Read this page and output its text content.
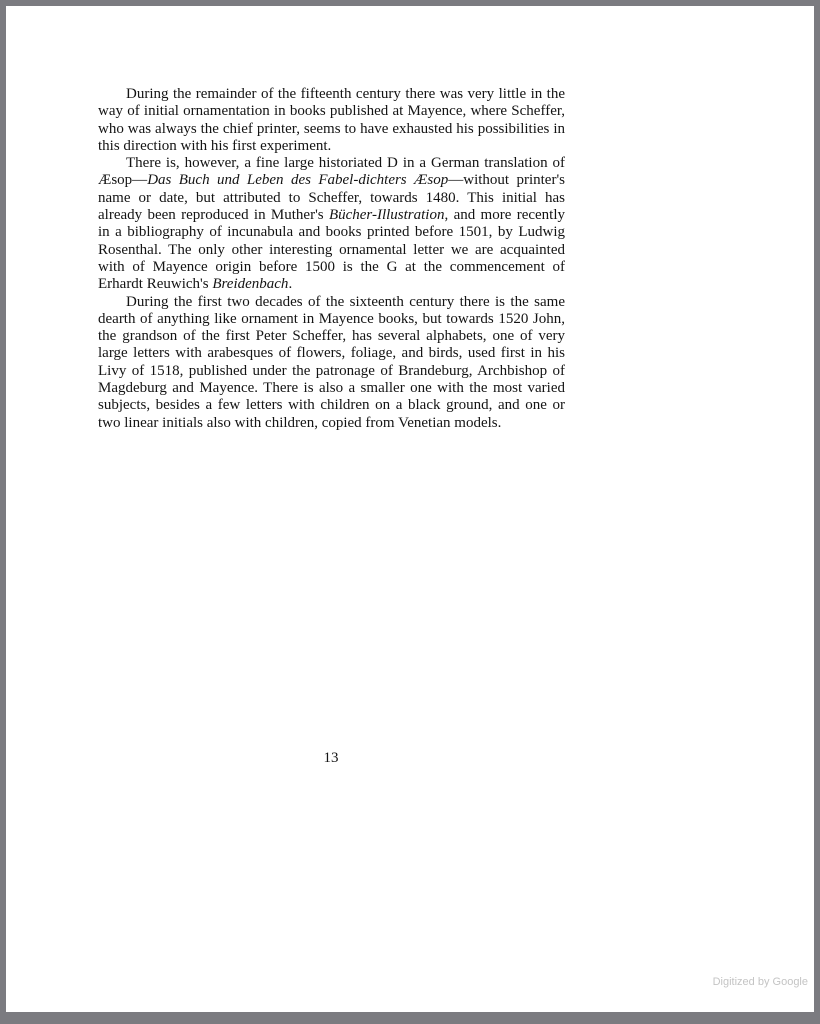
During the remainder of the fifteenth century there was very little in the way of initial ornamentation in books published at Mayence, where Scheffer, who was always the chief printer, seems to have exhausted his possibilities in this direction with his first experiment.

There is, however, a fine large historiated D in a German translation of Æsop—Das Buch und Leben des Fabel-dichters Æsop—without printer's name or date, but attributed to Scheffer, towards 1480. This initial has already been reproduced in Muther's Bücher-Illustration, and more recently in a bibliography of incunabula and books printed before 1501, by Ludwig Rosenthal. The only other interesting ornamental letter we are acquainted with of Mayence origin before 1500 is the G at the commencement of Erhardt Reuwich's Breidenbach.

During the first two decades of the sixteenth century there is the same dearth of anything like ornament in Mayence books, but towards 1520 John, the grandson of the first Peter Scheffer, has several alphabets, one of very large letters with arabesques of flowers, foliage, and birds, used first in his Livy of 1518, published under the patronage of Brandeburg, Archbishop of Magdeburg and Mayence. There is also a smaller one with the most varied subjects, besides a few letters with children on a black ground, and one or two linear initials also with children, copied from Venetian models.

13
Digitized by Google
